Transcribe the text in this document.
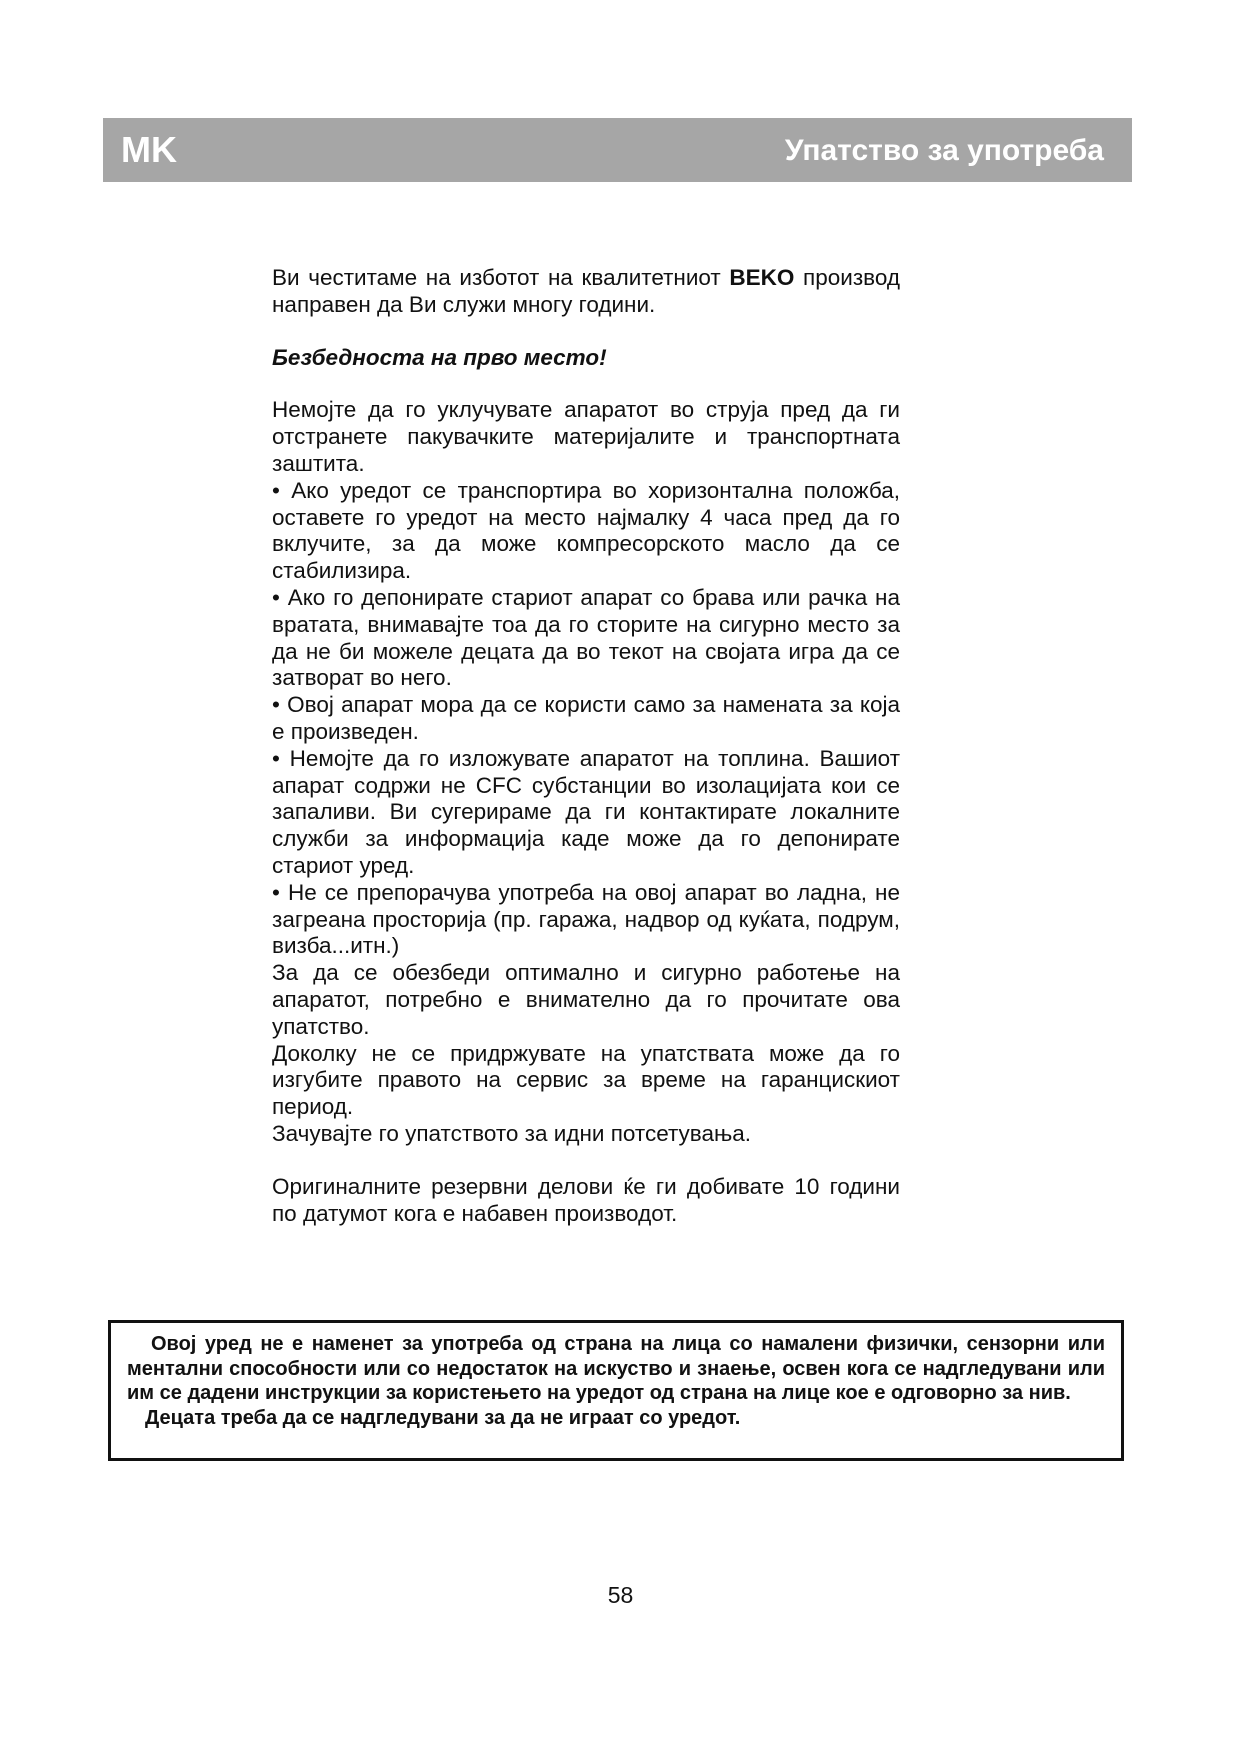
MK	Упатство за употреба

Ви честитаме на изботот на квалитетниот BEKO производ направен да Ви служи многу години.

Безбедноста на прво место!

Немојте да го уклучувате апаратот во струја пред да ги отстранете пакувачките материјалите и транспортната заштита.

• Ако уредот се транспортира во хоризонтална положба, оставете го уредот на место најмалку 4 часа пред да го вклучите, за да може компресорското масло да се стабилизира.

• Ако го депонирате стариот апарат со брава или рачка на вратата, внимавајте тоа да го сторите на сигурно место за да не би можеле децата да во текот на својата игра да се затворат во него.

• Овој апарат мора да се користи само за намената за која е произведен.

• Немојте да го изложувате апаратот на топлина. Вашиот апарат содржи не CFC субстанции во изолацијата кои се запаливи. Ви сугерираме да ги контактирате локалните служби за информација каде може да го депонирате стариот уред.

• Не се препорачува употреба на овој апарат во ладна, не загреана просторија (пр. гаража, надвор од куќата, подрум, визба...итн.)

За да се обезбеди оптимално и сигурно работење на апаратот, потребно е внимателно да го прочитате ова упатство.

Доколку не се придржувате на упатствата може да го изгубите правото на сервис за време на гаранцискиот период.

Зачувајте го упатството за идни потсетувања.

Оригиналните резервни делови ќе ги добивате 10 години по датумот кога е набавен производот.

Овој уред не е наменет за употреба од страна на лица со намалени физички, сензорни или ментални способности или со недостаток на искуство и знаење, освен кога се надгледувани или им се дадени инструкции за користењето на уредот од страна на лице кое е одговорно за нив.

Децата треба да се надгледувани за да не играат со уредот.

58
